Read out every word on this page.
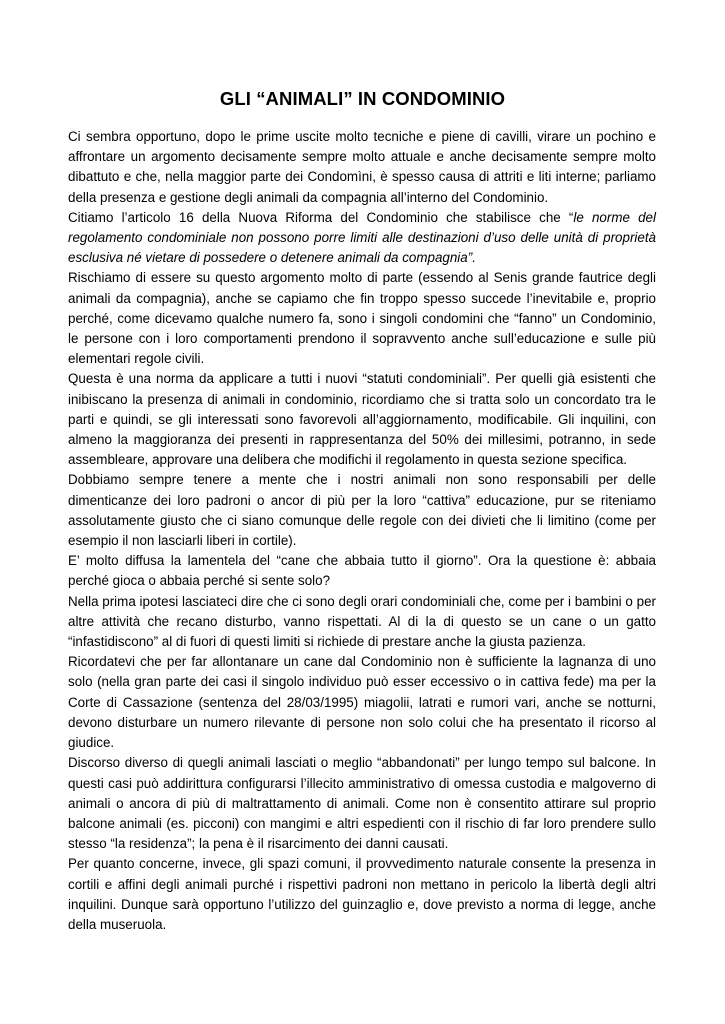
GLI “ANIMALI” IN CONDOMINIO

Ci sembra opportuno, dopo le prime uscite molto tecniche e piene di cavilli, virare un pochino e affrontare un argomento decisamente sempre molto attuale e anche decisamente sempre molto dibattuto e che, nella maggior parte dei Condomìni, è spesso causa di attriti e liti interne; parliamo della presenza e gestione degli animali da compagnia all’interno del Condominio.

Citiamo l’articolo 16 della Nuova Riforma del Condominio che stabilisce che “le norme del regolamento condominiale non possono porre limiti alle destinazioni d’uso delle unità di proprietà esclusiva né vietare di possedere o detenere animali da compagnia”.

Rischiamo di essere su questo argomento molto di parte (essendo al Senis grande fautrice degli animali da compagnia), anche se capiamo che fin troppo spesso succede l’inevitabile e, proprio perché, come dicevamo qualche numero fa, sono i singoli condomini che “fanno” un Condominio, le persone con i loro comportamenti prendono il sopravvento anche sull’educazione e sulle più elementari regole civili.

Questa è una norma da applicare a tutti i nuovi “statuti condominiali”. Per quelli già esistenti che inibiscano la presenza di animali in condominio, ricordiamo che si tratta solo un concordato tra le parti e quindi, se gli interessati sono favorevoli all’aggiornamento, modificabile. Gli inquilini, con almeno la maggioranza dei presenti in rappresentanza del 50% dei millesimi, potranno, in sede assembleare, approvare una delibera che modifichi il regolamento in questa sezione specifica.

Dobbiamo sempre tenere a mente che i nostri animali non sono responsabili per delle dimenticanze dei loro padroni o ancor di più per la loro “cattiva” educazione, pur se riteniamo assolutamente giusto che ci siano comunque delle regole con dei divieti che li limitino (come per esempio il non lasciarli liberi in cortile).

E’ molto diffusa la lamentela del “cane che abbaia tutto il giorno”. Ora la questione è: abbaia perché gioca o abbaia perché si sente solo?

Nella prima ipotesi lasciateci dire che ci sono degli orari condominiali che, come per i bambini o per altre attività che recano disturbo, vanno rispettati. Al di la di questo se un cane o un gatto “infastidiscono” al di fuori di questi limiti si richiede di prestare anche la giusta pazienza.

Ricordatevi che per far allontanare un cane dal Condominio non è sufficiente la lagnanza di uno solo (nella gran parte dei casi il singolo individuo può esser eccessivo o in cattiva fede) ma per la Corte di Cassazione (sentenza del 28/03/1995) miagolii, latrati e rumori vari, anche se notturni, devono disturbare un numero rilevante di persone non solo colui che ha presentato il ricorso al giudice.

Discorso diverso di quegli animali lasciati o meglio “abbandonati” per lungo tempo sul balcone. In questi casi può addirittura configurarsi l’illecito amministrativo di omessa custodia e malgoverno di animali o ancora di più di maltrattamento di animali. Come non è consentito attirare sul proprio balcone animali (es. picconi) con mangimi e altri espedienti con il rischio di far loro prendere sullo stesso “la residenza”; la pena è il risarcimento dei danni causati.

Per quanto concerne, invece, gli spazi comuni, il provvedimento naturale consente la presenza in cortili e affini degli animali purché i rispettivi padroni non mettano in pericolo la libertà degli altri inquilini. Dunque sarà opportuno l’utilizzo del guinzaglio e, dove previsto a norma di legge, anche della museruola.
